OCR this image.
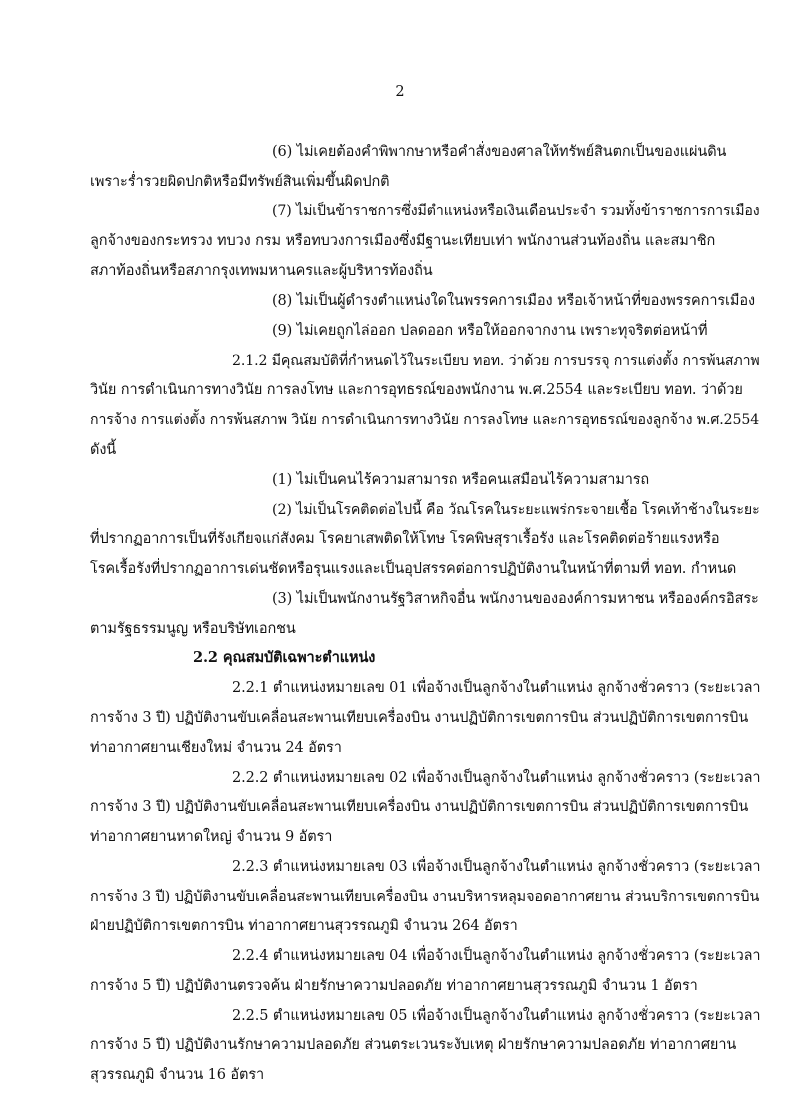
2
(6) ไม่เคยต้องคำพิพากษาหรือคำสั่งของศาลให้ทรัพย์สินตกเป็นของแผ่นดิน
เพราะร่ำรวยผิดปกติหรือมีทรัพย์สินเพิ่มขึ้นผิดปกติ
(7) ไม่เป็นข้าราชการซึ่งมีตำแหน่งหรือเงินเดือนประจำ รวมทั้งข้าราชการการเมือง
ลูกจ้างของกระทรวง ทบวง กรม หรือทบวงการเมืองซึ่งมีฐานะเทียบเท่า พนักงานส่วนท้องถิ่น และสมาชิก
สภาท้องถิ่นหรือสภากรุงเทพมหานครและผู้บริหารท้องถิ่น
(8) ไม่เป็นผู้ดำรงตำแหน่งใดในพรรคการเมือง หรือเจ้าหน้าที่ของพรรคการเมือง
(9) ไม่เคยถูกไล่ออก ปลดออก หรือให้ออกจากงาน เพราะทุจริตต่อหน้าที่
2.1.2 มีคุณสมบัติที่กำหนดไว้ในระเบียบ ทอท. ว่าด้วย การบรรจุ การแต่งตั้ง การพ้นสภาพ
วินัย การดำเนินการทางวินัย การลงโทษ และการอุทธรณ์ของพนักงาน พ.ศ.2554 และระเบียบ ทอท. ว่าด้วย
การจ้าง การแต่งตั้ง การพ้นสภาพ วินัย การดำเนินการทางวินัย การลงโทษ และการอุทธรณ์ของลูกจ้าง พ.ศ.2554
ดังนี้
(1) ไม่เป็นคนไร้ความสามารถ หรือคนเสมือนไร้ความสามารถ
(2) ไม่เป็นโรคติดต่อไปนี้ คือ วัณโรคในระยะแพร่กระจายเชื้อ โรคเท้าช้างในระยะ
ที่ปรากฏอาการเป็นที่รังเกียจแก่สังคม โรคยาเสพติดให้โทษ โรคพิษสุราเรื้อรัง และโรคติดต่อร้ายแรงหรือ
โรคเรื้อรังที่ปรากฏอาการเด่นชัดหรือรุนแรงและเป็นอุปสรรคต่อการปฏิบัติงานในหน้าที่ตามที่ ทอท. กำหนด
(3) ไม่เป็นพนักงานรัฐวิสาหกิจอื่น พนักงานขององค์การมหาชน หรือองค์กรอิสระ
ตามรัฐธรรมนูญ หรือบริษัทเอกชน
2.2 คุณสมบัติเฉพาะตำแหน่ง
2.2.1 ตำแหน่งหมายเลข 01 เพื่อจ้างเป็นลูกจ้างในตำแหน่ง ลูกจ้างชั่วคราว (ระยะเวลา
การจ้าง 3 ปี) ปฏิบัติงานขับเคลื่อนสะพานเทียบเครื่องบิน งานปฏิบัติการเขตการบิน ส่วนปฏิบัติการเขตการบิน
ท่าอากาศยานเชียงใหม่ จำนวน 24 อัตรา
2.2.2 ตำแหน่งหมายเลข 02 เพื่อจ้างเป็นลูกจ้างในตำแหน่ง ลูกจ้างชั่วคราว (ระยะเวลา
การจ้าง 3 ปี) ปฏิบัติงานขับเคลื่อนสะพานเทียบเครื่องบิน งานปฏิบัติการเขตการบิน ส่วนปฏิบัติการเขตการบิน
ท่าอากาศยานหาดใหญ่ จำนวน 9 อัตรา
2.2.3 ตำแหน่งหมายเลข 03 เพื่อจ้างเป็นลูกจ้างในตำแหน่ง ลูกจ้างชั่วคราว (ระยะเวลา
การจ้าง 3 ปี) ปฏิบัติงานขับเคลื่อนสะพานเทียบเครื่องบิน งานบริหารหลุมจอดอากาศยาน ส่วนบริการเขตการบิน
ฝ่ายปฏิบัติการเขตการบิน ท่าอากาศยานสุวรรณภูมิ จำนวน 264 อัตรา
2.2.4 ตำแหน่งหมายเลข 04 เพื่อจ้างเป็นลูกจ้างในตำแหน่ง ลูกจ้างชั่วคราว (ระยะเวลา
การจ้าง 5 ปี) ปฏิบัติงานตรวจค้น ฝ่ายรักษาความปลอดภัย ท่าอากาศยานสุวรรณภูมิ จำนวน 1 อัตรา
2.2.5 ตำแหน่งหมายเลข 05 เพื่อจ้างเป็นลูกจ้างในตำแหน่ง ลูกจ้างชั่วคราว (ระยะเวลา
การจ้าง 5 ปี) ปฏิบัติงานรักษาความปลอดภัย ส่วนตระเวนระงับเหตุ ฝ่ายรักษาความปลอดภัย ท่าอากาศยาน
สุวรรณภูมิ จำนวน 16 อัตรา
